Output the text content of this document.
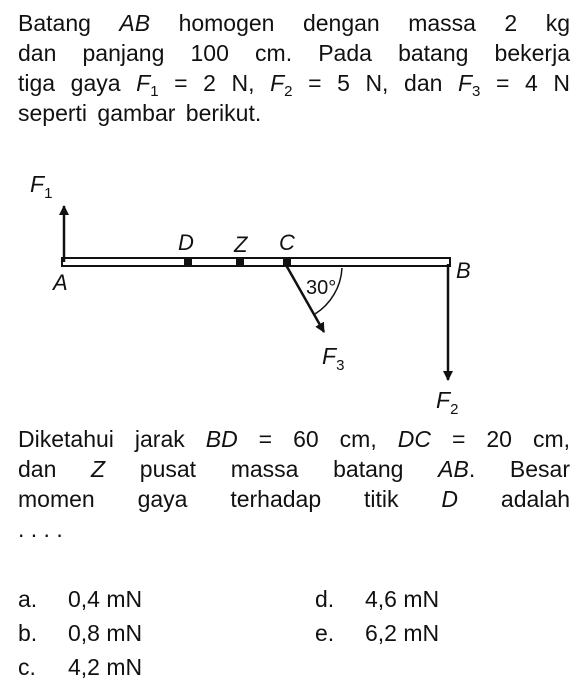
Batang AB homogen dengan massa 2 kg
dan panjang 100 cm. Pada batang bekerja
tiga gaya $F_1 = 2$ N, $F_2 = 5$ N, dan $F_3 = 4$ N
seperti gambar berikut.
$F_1$
D Z C
A	B
30°
$F_3$
$F_2$
Diketahui jarak BD = 60 cm, DC = 20 cm,
dan Z pusat massa batang AB. Besar
momen gaya terhadap titik D adalah
. . . .
a. 0,4 mN
b. 0,8 mN
c. 4,2 mN
d. 4,6 mN
e. 6,2 mN
